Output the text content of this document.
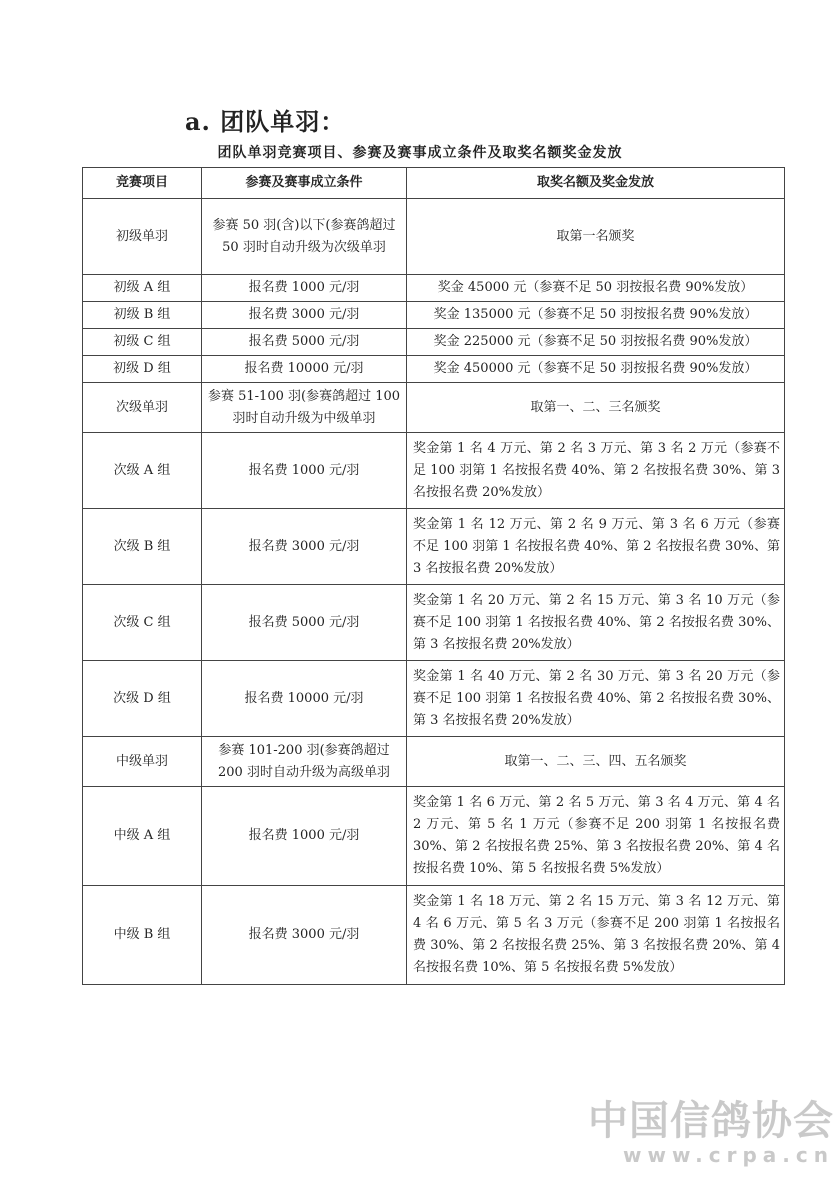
a. 团队单羽：
团队单羽竞赛项目、参赛及赛事成立条件及取奖名额奖金发放
竞赛项目	参赛及赛事成立条件	取奖名额及奖金发放
初级单羽	参赛 50 羽(含)以下(参赛鸽超过 50 羽时自动升级为次级单羽	取第一名颁奖
初级 A 组	报名费 1000 元/羽	奖金 45000 元（参赛不足 50 羽按报名费 90%发放）
初级 B 组	报名费 3000 元/羽	奖金 135000 元（参赛不足 50 羽按报名费 90%发放）
初级 C 组	报名费 5000 元/羽	奖金 225000 元（参赛不足 50 羽按报名费 90%发放）
初级 D 组	报名费 10000 元/羽	奖金 450000 元（参赛不足 50 羽按报名费 90%发放）
次级单羽	参赛 51-100 羽(参赛鸽超过 100 羽时自动升级为中级单羽	取第一、二、三名颁奖
次级 A 组	报名费 1000 元/羽	奖金第 1 名 4 万元、第 2 名 3 万元、第 3 名 2 万元（参赛不足 100 羽第 1 名按报名费 40%、第 2 名按报名费 30%、第 3 名按报名费 20%发放）
次级 B 组	报名费 3000 元/羽	奖金第 1 名 12 万元、第 2 名 9 万元、第 3 名 6 万元（参赛不足 100 羽第 1 名按报名费 40%、第 2 名按报名费 30%、第 3 名按报名费 20%发放）
次级 C 组	报名费 5000 元/羽	奖金第 1 名 20 万元、第 2 名 15 万元、第 3 名 10 万元（参赛不足 100 羽第 1 名按报名费 40%、第 2 名按报名费 30%、第 3 名按报名费 20%发放）
次级 D 组	报名费 10000 元/羽	奖金第 1 名 40 万元、第 2 名 30 万元、第 3 名 20 万元（参赛不足 100 羽第 1 名按报名费 40%、第 2 名按报名费 30%、第 3 名按报名费 20%发放）
中级单羽	参赛 101-200 羽(参赛鸽超过 200 羽时自动升级为高级单羽	取第一、二、三、四、五名颁奖
中级 A 组	报名费 1000 元/羽	奖金第 1 名 6 万元、第 2 名 5 万元、第 3 名 4 万元、第 4 名 2 万元、第 5 名 1 万元（参赛不足 200 羽第 1 名按报名费 30%、第 2 名按报名费 25%、第 3 名按报名费 20%、第 4 名按报名费 10%、第 5 名按报名费 5%发放）
中级 B 组	报名费 3000 元/羽	奖金第 1 名 18 万元、第 2 名 15 万元、第 3 名 12 万元、第 4 名 6 万元、第 5 名 3 万元（参赛不足 200 羽第 1 名按报名费 30%、第 2 名按报名费 25%、第 3 名按报名费 20%、第 4 名按报名费 10%、第 5 名按报名费 5%发放）
中国信鸽协会
www.crpa.cn
